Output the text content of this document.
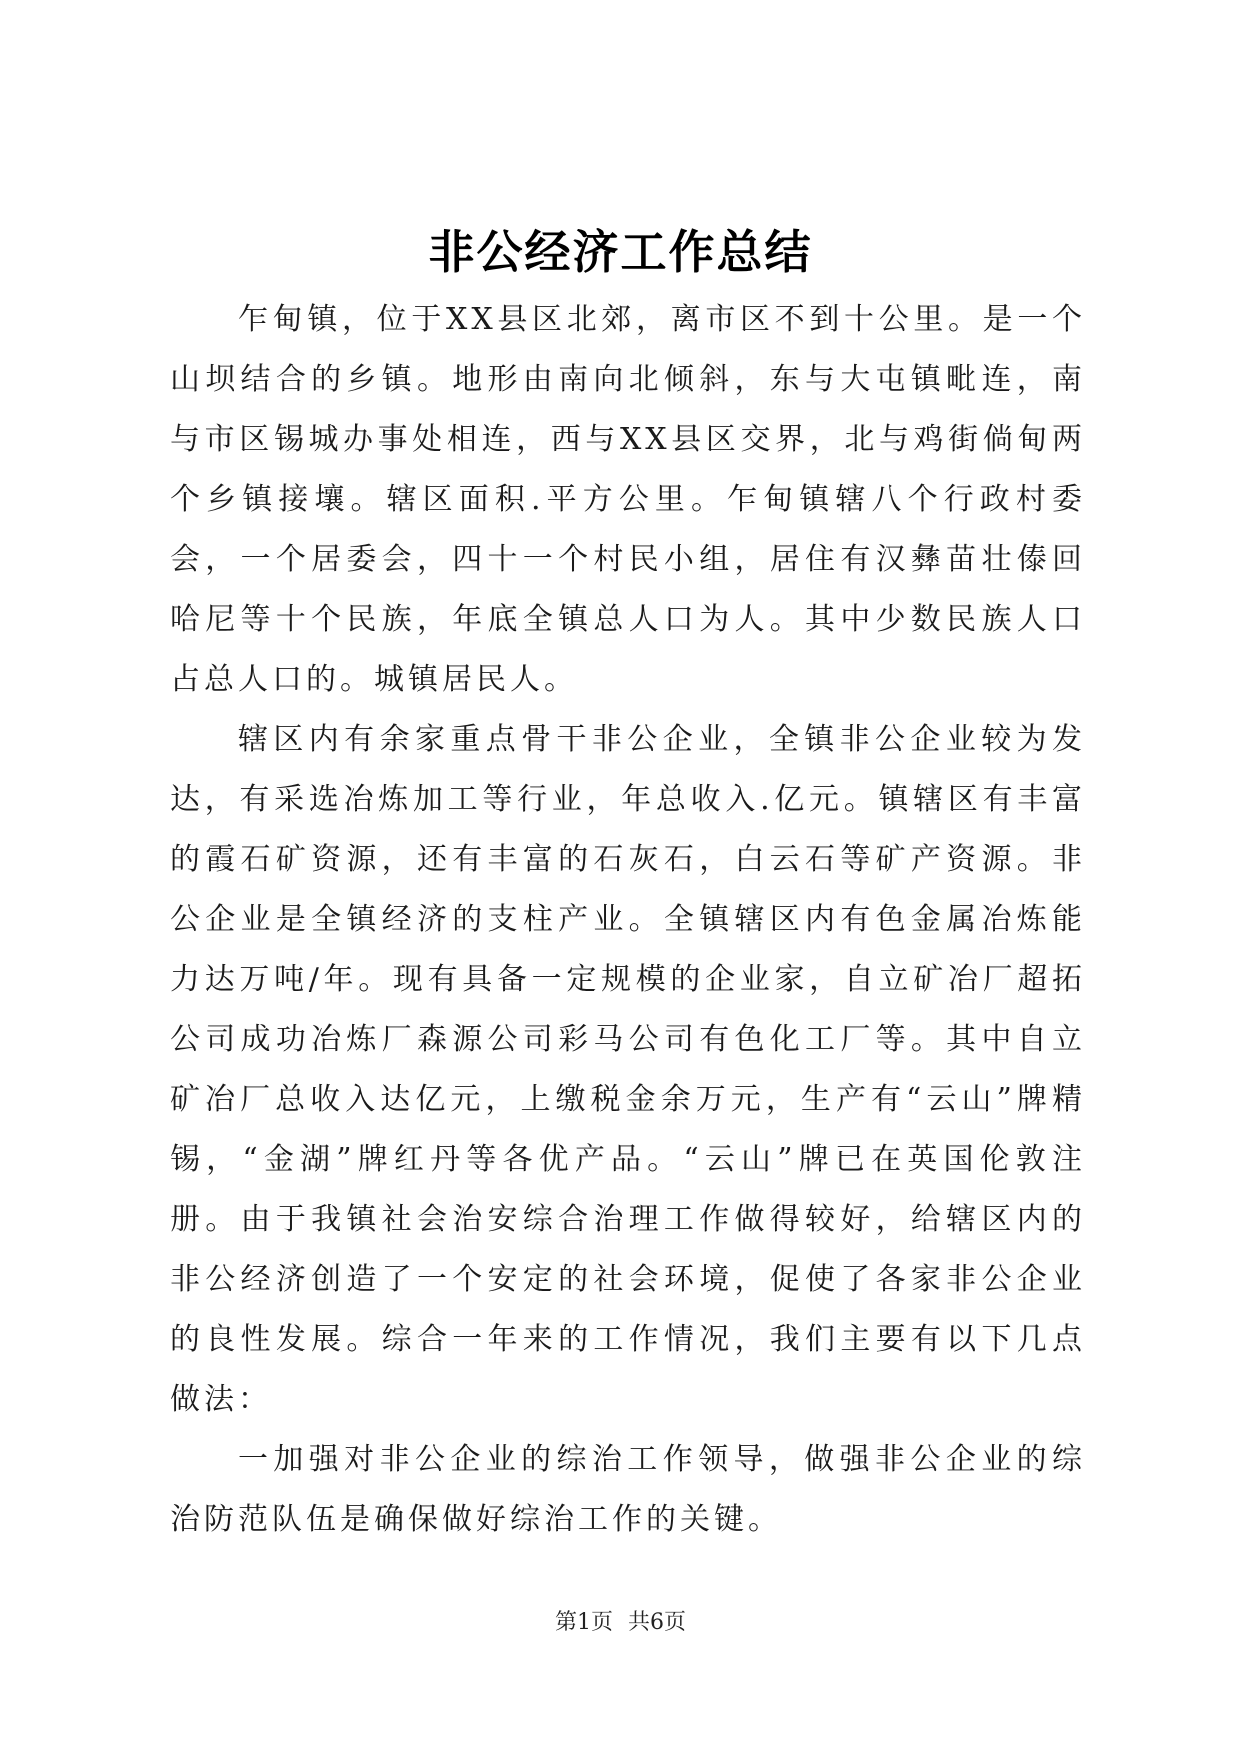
非公经济工作总结

乍甸镇，位于XX县区北郊，离市区不到十公里。是一个山坝结合的乡镇。地形由南向北倾斜，东与大屯镇毗连，南与市区锡城办事处相连，西与XX县区交界，北与鸡街倘甸两个乡镇接壤。辖区面积.平方公里。乍甸镇辖八个行政村委会，一个居委会，四十一个村民小组，居住有汉彝苗壮傣回哈尼等十个民族，年底全镇总人口为人。其中少数民族人口占总人口的。城镇居民人。

辖区内有余家重点骨干非公企业，全镇非公企业较为发达，有采选冶炼加工等行业，年总收入.亿元。镇辖区有丰富的霞石矿资源，还有丰富的石灰石，白云石等矿产资源。非公企业是全镇经济的支柱产业。全镇辖区内有色金属冶炼能力达万吨/年。现有具备一定规模的企业家，自立矿冶厂超拓公司成功冶炼厂森源公司彩马公司有色化工厂等。其中自立矿冶厂总收入达亿元，上缴税金余万元，生产有“云山”牌精锡，“金湖”牌红丹等各优产品。“云山”牌已在英国伦敦注册。由于我镇社会治安综合治理工作做得较好，给辖区内的非公经济创造了一个安定的社会环境，促使了各家非公企业的良性发展。综合一年来的工作情况，我们主要有以下几点做法：

一加强对非公企业的综治工作领导，做强非公企业的综治防范队伍是确保做好综治工作的关键。

第1页 共6页
